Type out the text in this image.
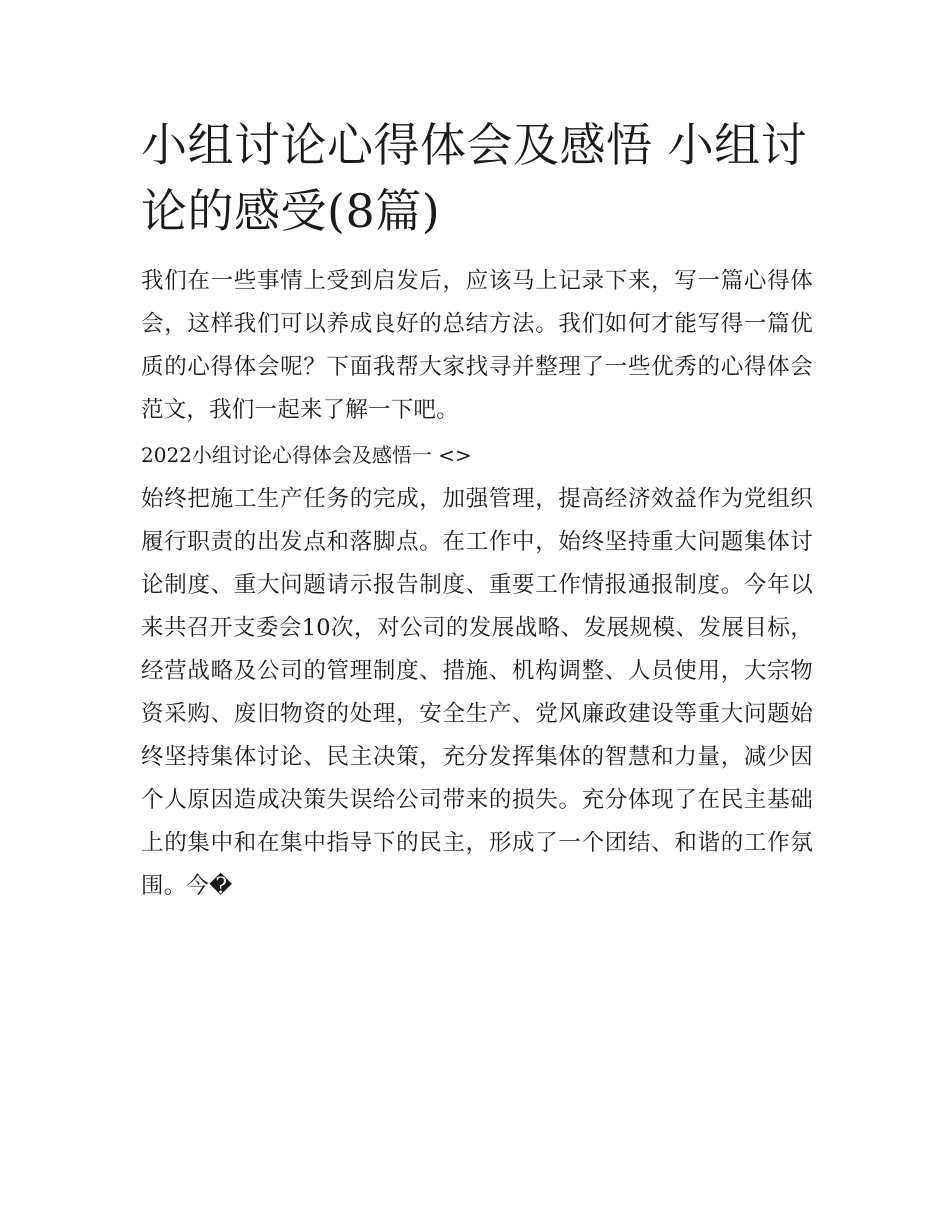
小组讨论心得体会及感悟 小组讨论的感受(8篇)

我们在一些事情上受到启发后，应该马上记录下来，写一篇心得体会，这样我们可以养成良好的总结方法。我们如何才能写得一篇优质的心得体会呢？下面我帮大家找寻并整理了一些优秀的心得体会范文，我们一起来了解一下吧。

2022小组讨论心得体会及感悟一 <>

始终把施工生产任务的完成，加强管理，提高经济效益作为党组织履行职责的出发点和落脚点。在工作中，始终坚持重大问题集体讨论制度、重大问题请示报告制度、重要工作情报通报制度。今年以来共召开支委会10次，对公司的发展战略、发展规模、发展目标，经营战略及公司的管理制度、措施、机构调整、人员使用，大宗物资采购、废旧物资的处理，安全生产、党风廉政建设等重大问题始终坚持集体讨论、民主决策，充分发挥集体的智慧和力量，减少因个人原因造成决策失误给公司带来的损失。充分体现了在民主基础上的集中和在集中指导下的民主，形成了一个团结、和谐的工作氛围。今�
